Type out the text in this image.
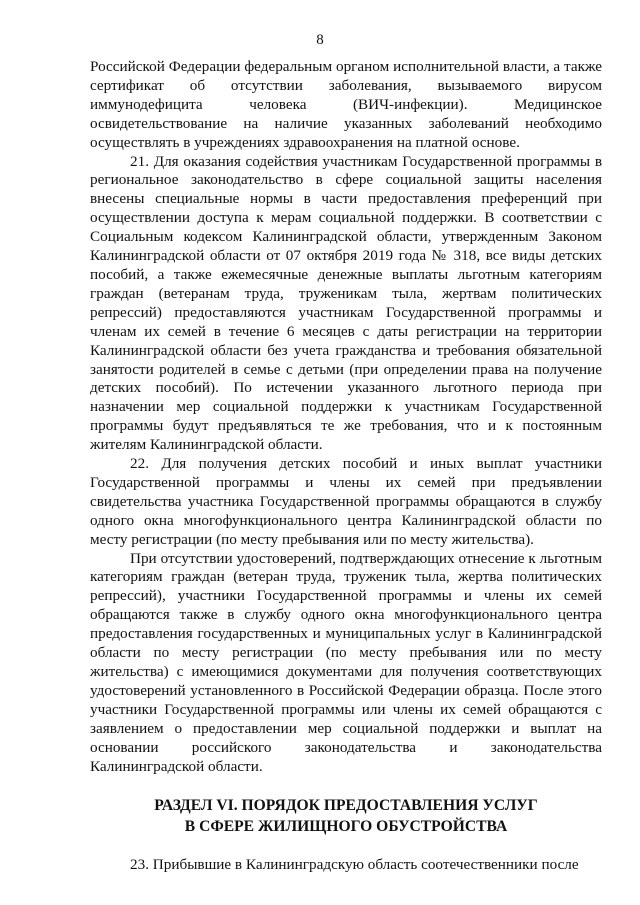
8

Российской Федерации федеральным органом исполнительной власти, а также сертификат об отсутствии заболевания, вызываемого вирусом иммунодефицита человека (ВИЧ-инфекции). Медицинское освидетельствование на наличие указанных заболеваний необходимо осуществлять в учреждениях здравоохранения на платной основе.

21. Для оказания содействия участникам Государственной программы в региональное законодательство в сфере социальной защиты населения внесены специальные нормы в части предоставления преференций при осуществлении доступа к мерам социальной поддержки. В соответствии с Социальным кодексом Калининградской области, утвержденным Законом Калининградской области от 07 октября 2019 года № 318, все виды детских пособий, а также ежемесячные денежные выплаты льготным категориям граждан (ветеранам труда, труженикам тыла, жертвам политических репрессий) предоставляются участникам Государственной программы и членам их семей в течение 6 месяцев с даты регистрации на территории Калининградской области без учета гражданства и требования обязательной занятости родителей в семье с детьми (при определении права на получение детских пособий). По истечении указанного льготного периода при назначении мер социальной поддержки к участникам Государственной программы будут предъявляться те же требования, что и к постоянным жителям Калининградской области.

22. Для получения детских пособий и иных выплат участники Государственной программы и члены их семей при предъявлении свидетельства участника Государственной программы обращаются в службу одного окна многофункционального центра Калининградской области по месту регистрации (по месту пребывания или по месту жительства).

При отсутствии удостоверений, подтверждающих отнесение к льготным категориям граждан (ветеран труда, труженик тыла, жертва политических репрессий), участники Государственной программы и члены их семей обращаются также в службу одного окна многофункционального центра предоставления государственных и муниципальных услуг в Калининградской области по месту регистрации (по месту пребывания или по месту жительства) с имеющимися документами для получения соответствующих удостоверений установленного в Российской Федерации образца. После этого участники Государственной программы или члены их семей обращаются с заявлением о предоставлении мер социальной поддержки и выплат на основании российского законодательства и законодательства Калининградской области.

РАЗДЕЛ VI. ПОРЯДОК ПРЕДОСТАВЛЕНИЯ УСЛУГ
В СФЕРЕ ЖИЛИЩНОГО ОБУСТРОЙСТВА

23. Прибывшие в Калининградскую область соотечественники после
